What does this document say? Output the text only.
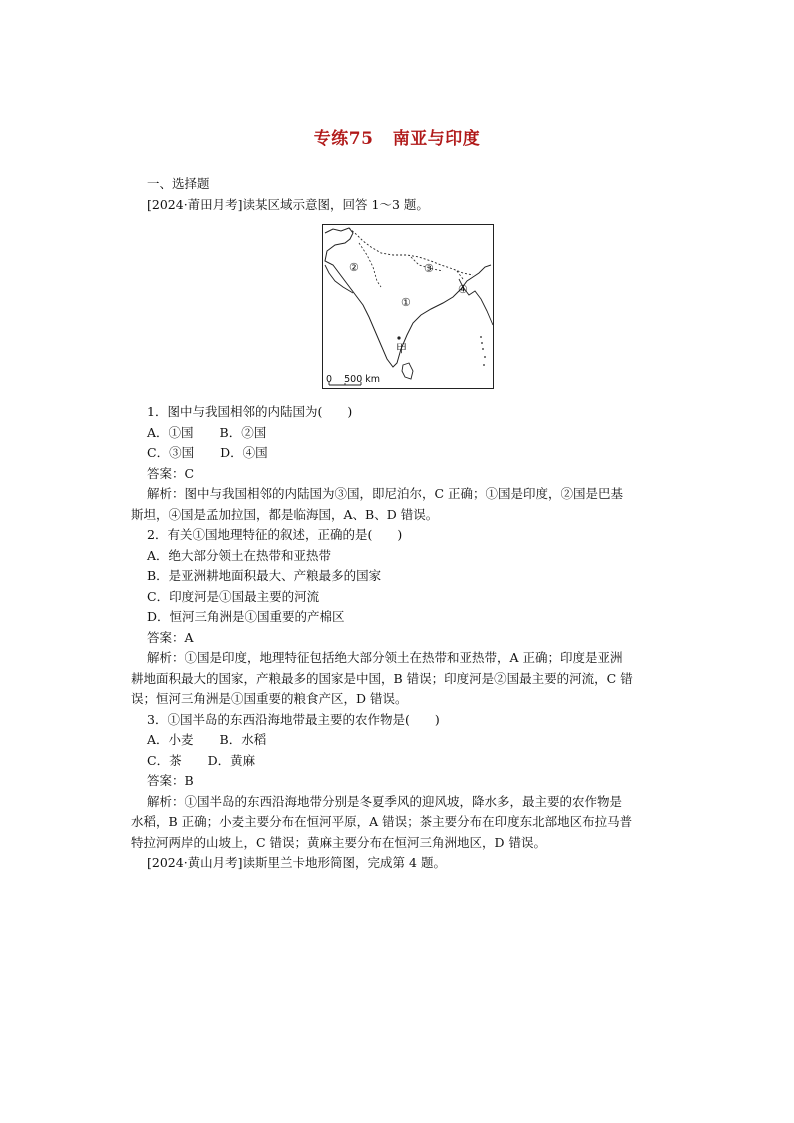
专练75 南亚与印度
一、选择题
[2024·莆田月考]读某区域示意图，回答 1～3 题。
①
②	③
④
甲
0    500 km
1．图中与我国相邻的内陆国为(　　)
A．①国 B．②国
C．③国 D．④国
答案：C
解析：图中与我国相邻的内陆国为③国，即尼泊尔，C 正确；①国是印度，②国是巴基
斯坦，④国是孟加拉国，都是临海国，A、B、D 错误。
2．有关①国地理特征的叙述，正确的是(　　)
A．绝大部分领土在热带和亚热带
B．是亚洲耕地面积最大、产粮最多的国家
C．印度河是①国最主要的河流
D．恒河三角洲是①国重要的产棉区
答案：A
解析：①国是印度，地理特征包括绝大部分领土在热带和亚热带，A 正确；印度是亚洲
耕地面积最大的国家，产粮最多的国家是中国，B 错误；印度河是②国最主要的河流，C 错
误；恒河三角洲是①国重要的粮食产区，D 错误。
3．①国半岛的东西沿海地带最主要的农作物是(　　)
A．小麦 B．水稻
C．茶 D．黄麻
答案：B
解析：①国半岛的东西沿海地带分别是冬夏季风的迎风坡，降水多，最主要的农作物是
水稻，B 正确；小麦主要分布在恒河平原，A 错误；茶主要分布在印度东北部地区布拉马普
特拉河两岸的山坡上，C 错误；黄麻主要分布在恒河三角洲地区，D 错误。
[2024·黄山月考]读斯里兰卡地形简图，完成第 4 题。
